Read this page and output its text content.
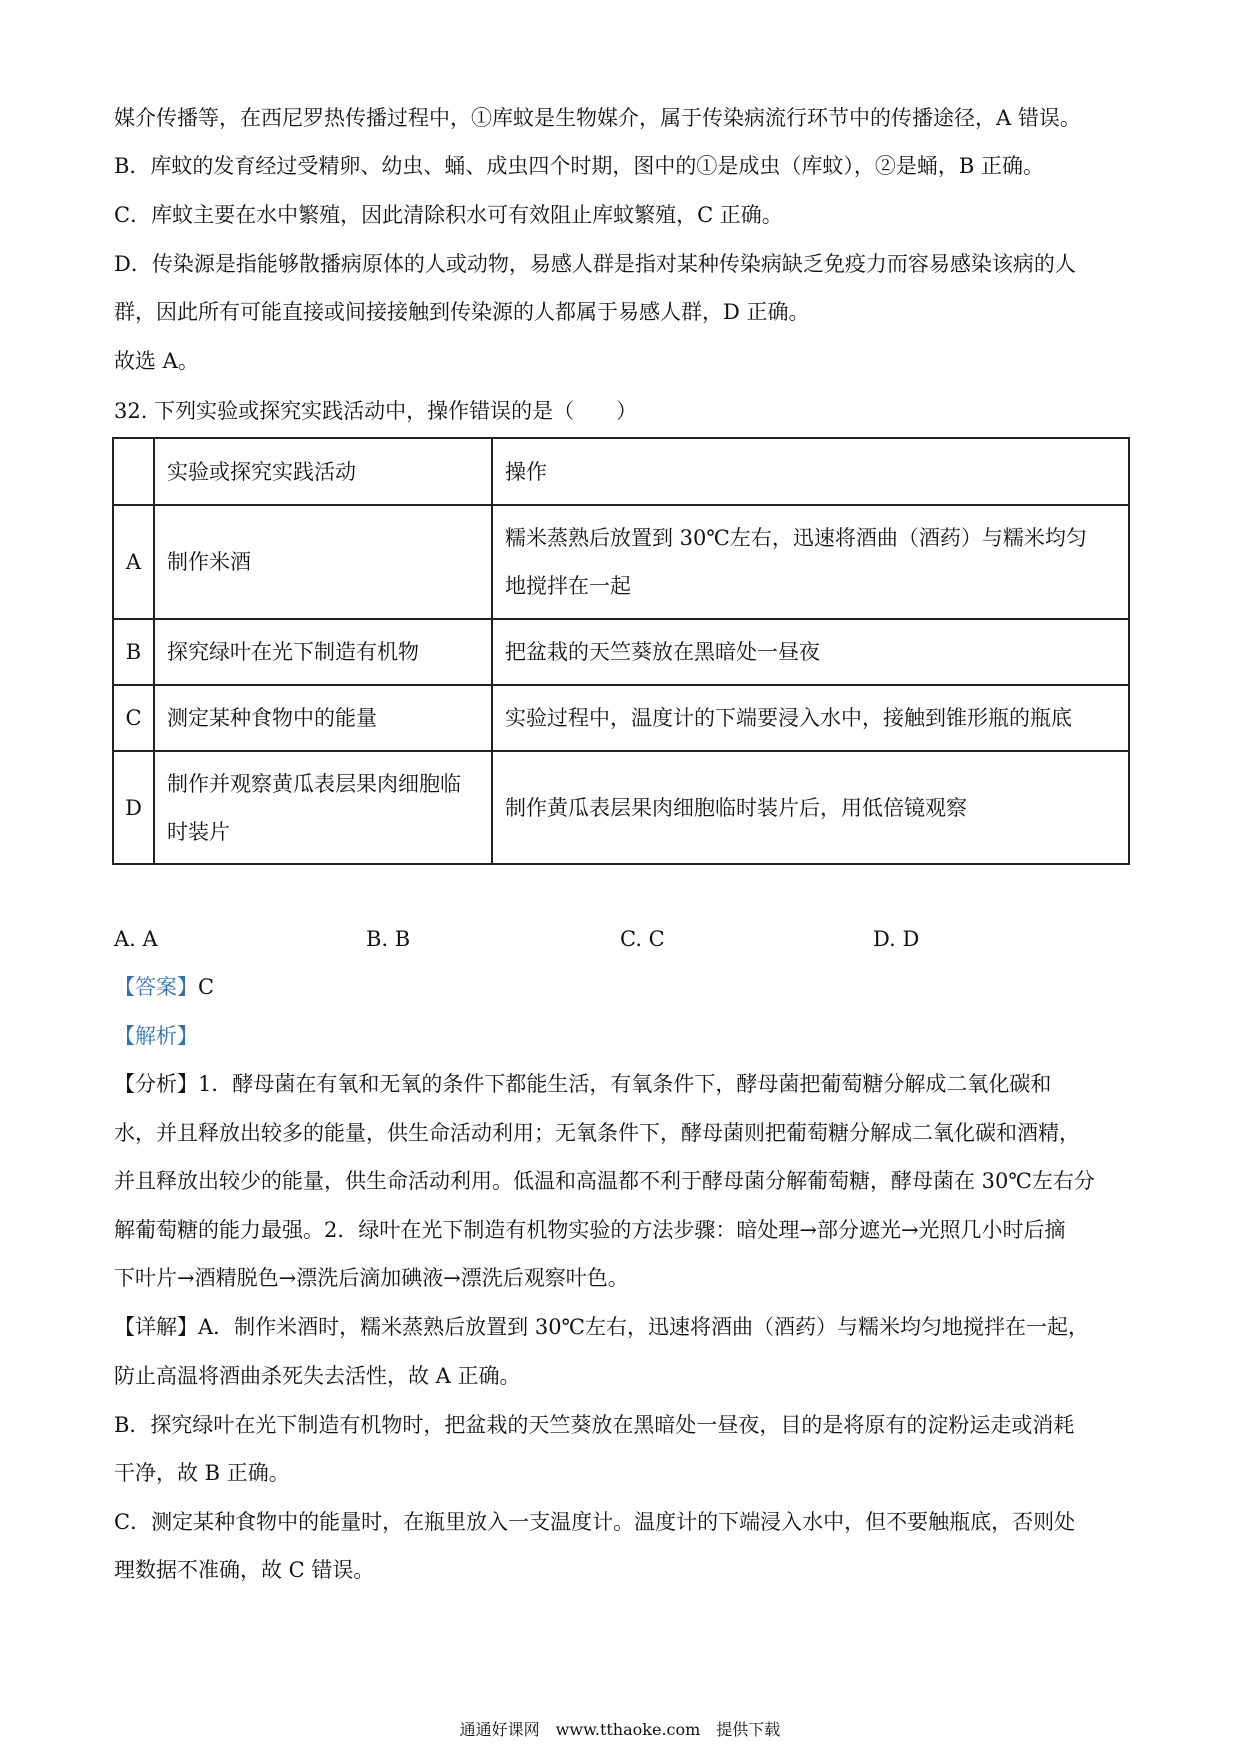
媒介传播等，在西尼罗热传播过程中，①库蚊是生物媒介，属于传染病流行环节中的传播途径，A 错误。
B．库蚊的发育经过受精卵、幼虫、蛹、成虫四个时期，图中的①是成虫（库蚊），②是蛹，B 正确。
C．库蚊主要在水中繁殖，因此清除积水可有效阻止库蚊繁殖，C 正确。
D．传染源是指能够散播病原体的人或动物，易感人群是指对某种传染病缺乏免疫力而容易感染该病的人
群，因此所有可能直接或间接接触到传染源的人都属于易感人群，D 正确。
故选 A。
32. 下列实验或探究实践活动中，操作错误的是（　　）
	实验或探究实践活动	操作
A	制作米酒	糯米蒸熟后放置到 30℃左右，迅速将酒曲（酒药）与糯米均匀
地搅拌在一起

B	探究绿叶在光下制造有机物	把盆栽的天竺葵放在黑暗处一昼夜

C	测定某种食物中的能量	实验过程中，温度计的下端要浸入水中，接触到锥形瓶的瓶底

D	制作并观察黄瓜表层果肉细胞临
时装片	制作黄瓜表层果肉细胞临时装片后，用低倍镜观察
A. A	B. B	C. C	D. D
【答案】C
【解析】
【分析】1．酵母菌在有氧和无氧的条件下都能生活，有氧条件下，酵母菌把葡萄糖分解成二氧化碳和
水，并且释放出较多的能量，供生命活动利用；无氧条件下，酵母菌则把葡萄糖分解成二氧化碳和酒精，
并且释放出较少的能量，供生命活动利用。低温和高温都不利于酵母菌分解葡萄糖，酵母菌在 30℃左右分
解葡萄糖的能力最强。2．绿叶在光下制造有机物实验的方法步骤：暗处理→部分遮光→光照几小时后摘
下叶片→酒精脱色→漂洗后滴加碘液→漂洗后观察叶色。
【详解】A．制作米酒时，糯米蒸熟后放置到 30℃左右，迅速将酒曲（酒药）与糯米均匀地搅拌在一起，
防止高温将酒曲杀死失去活性，故 A 正确。
B．探究绿叶在光下制造有机物时，把盆栽的天竺葵放在黑暗处一昼夜，目的是将原有的淀粉运走或消耗
干净，故 B 正确。
C．测定某种食物中的能量时，在瓶里放入一支温度计。温度计的下端浸入水中，但不要触瓶底，否则处
理数据不准确，故 C 错误。
通通好课网　www.tthaoke.com　提供下载
